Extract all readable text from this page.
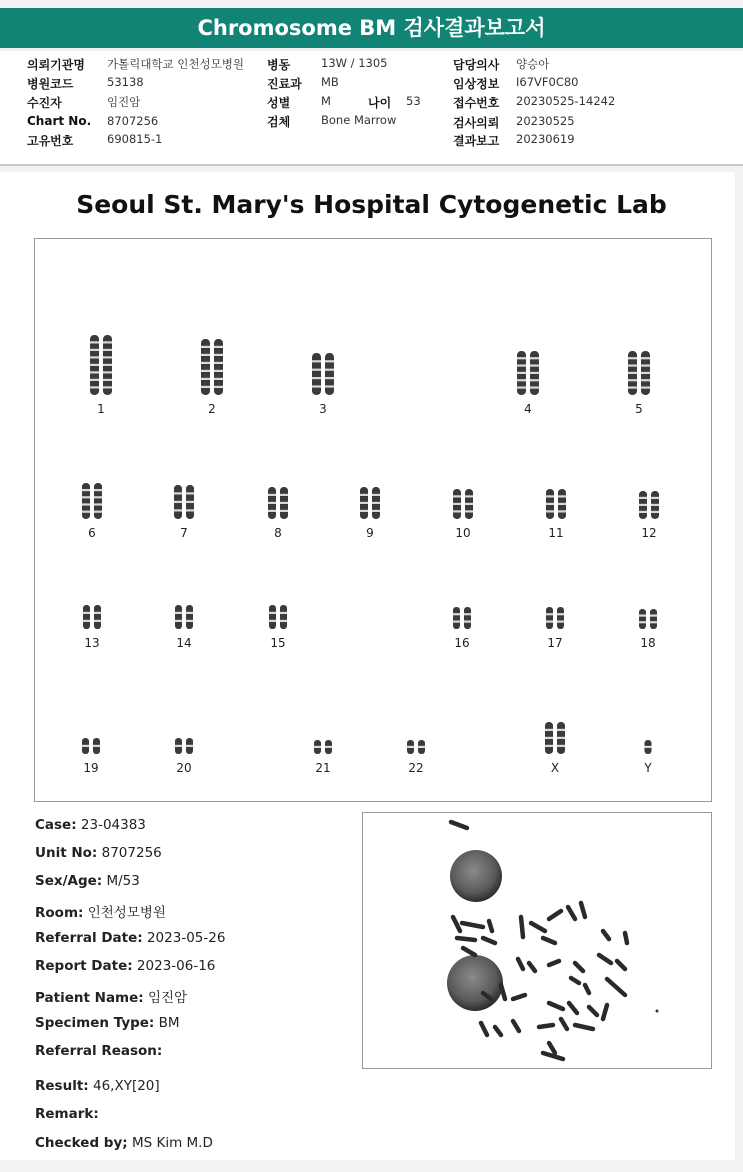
Chromosome BM 검사결과보고서
의뢰기관명 가톨릭대학교 인천성모병원
병원코드	53138
수진자	임진암
Chart No. 8707256
고유번호	690815-1
병동	13W / 1305
진료과 MB
성별	M	나이 53
검체	Bone Marrow
담당의사 양승아
임상정보 I67VF0C80
접수번호 20230525-14242
검사의뢰 20230525
결과보고 20230619
Seoul St. Mary's Hospital Cytogenetic Lab
1	2	3	4	5
6	7	8	9	10	11	12
13	14	15	16	17	18
19	20	21	22	X	Y
Case: 23-04383
Unit No: 8707256
Sex/Age: M/53
Room: 인천성모병원
Referral Date: 2023-05-26
Report Date: 2023-06-16
Patient Name: 임진암
Specimen Type: BM
Referral Reason:
Result: 46,XY[20]
Remark:
Checked by; MS Kim M.D
